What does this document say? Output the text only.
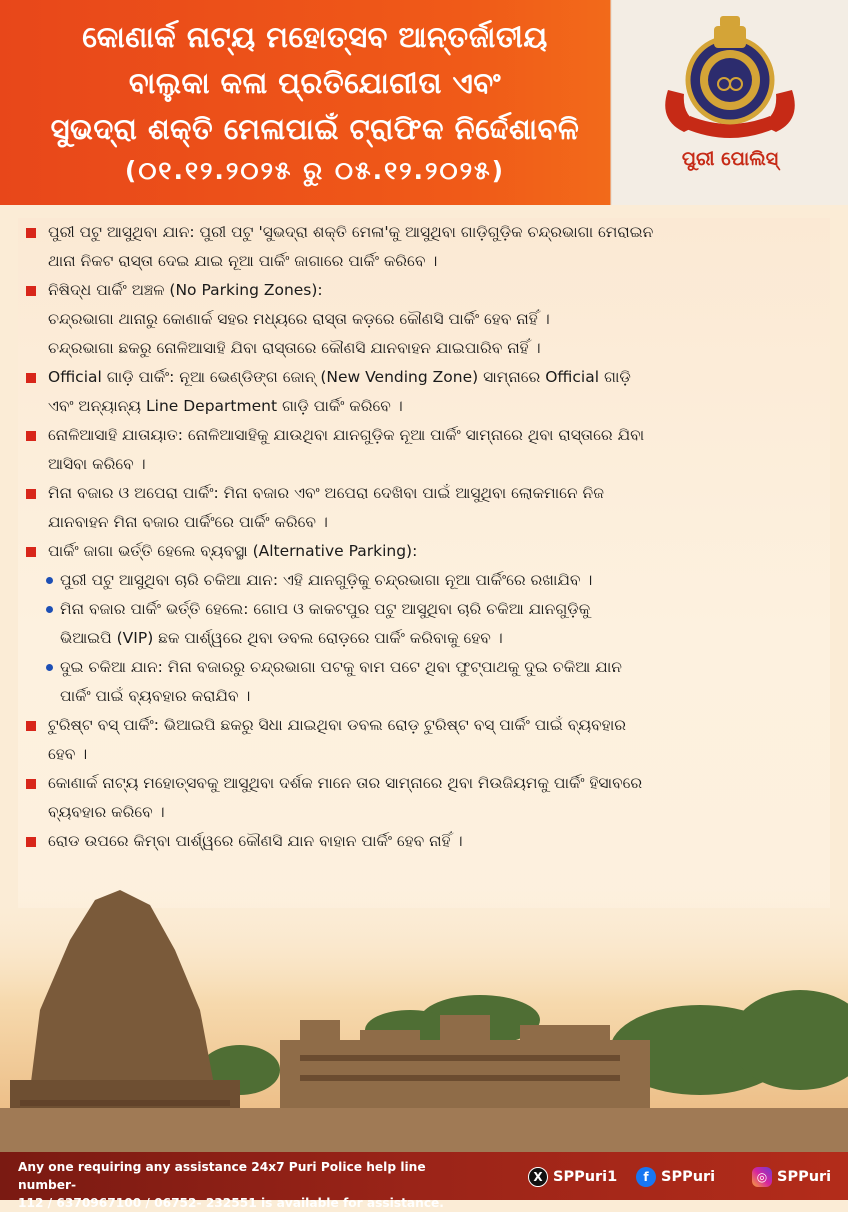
କୋଣାର୍କ ନାଟ୍ୟ ମହୋତ୍ସବ ଆନ୍ତର୍ଜାତୀୟ
ବାଲୁକା କଳା ପ୍ରତିଯୋଗୀତା ଏବଂ
ସୁଭଦ୍ରା ଶକ୍ତି ମେଳାପାଇଁ ଟ୍ରାଫିକ ନିର୍ଦ୍ଦେଶାବଳି
(୦୧.୧୨.୨୦୨୫ ରୁ ୦୫.୧୨.୨୦୨୫)	ପୁରୀ ପୋଲିସ୍
ପୁରୀ ପଟୁ ଆସୁଥିବା ଯାନ: ପୁରୀ ପଟୁ 'ସୁଭଦ୍ରା ଶକ୍ତି ମେଳା'କୁ ଆସୁଥିବା ଗାଡ଼ିଗୁଡ଼ିକ ଚନ୍ଦ୍ରଭାଗା ମେରାଇନ
ଥାନା ନିକଟ ରାସ୍ତା ଦେଇ ଯାଇ ନୂଆ ପାର୍କିଂ ଜାଗାରେ ପାର୍କିଂ କରିବେ ।
ନିଷିଦ୍ଧ ପାର୍କିଂ ଅଞ୍ଚଳ (No Parking Zones):
ଚନ୍ଦ୍ରଭାଗା ଥାନାରୁ କୋଣାର୍କ ସହର ମଧ୍ୟରେ ରାସ୍ତା କଡ଼ରେ କୌଣସି ପାର୍କିଂ ହେବ ନାହିଁ ।
ଚନ୍ଦ୍ରଭାଗା ଛକରୁ ନୋଳିଆସାହି ଯିବା ରାସ୍ତାରେ କୌଣସି ଯାନବାହନ ଯାଇପାରିବ ନାହିଁ ।
Official ଗାଡ଼ି ପାର୍କିଂ: ନୂଆ ଭେଣ୍ଡିଙ୍ଗ ଜୋନ୍ (New Vending Zone) ସାମ୍ନାରେ Official ଗାଡ଼ି
ଏବଂ ଅନ୍ୟାନ୍ୟ Line Department ଗାଡ଼ି ପାର୍କିଂ କରିବେ ।
ନୋଳିଆସାହି ଯାତାୟାତ: ନୋଳିଆସାହିକୁ ଯାଉଥିବା ଯାନଗୁଡ଼ିକ ନୂଆ ପାର୍କିଂ ସାମ୍ନାରେ ଥିବା ରାସ୍ତାରେ ଯିବା
ଆସିବା କରିବେ ।
ମିନା ବଜାର ଓ ଅପେରା ପାର୍କିଂ: ମିନା ବଜାର ଏବଂ ଅପେରା ଦେଖିବା ପାଇଁ ଆସୁଥିବା ଲୋକମାନେ ନିଜ
ଯାନବାହନ ମିନା ବଜାର ପାର୍କିଂରେ ପାର୍କିଂ କରିବେ ।
ପାର୍କିଂ ଜାଗା ଭର୍ତ୍ତି ହେଲେ ବ୍ୟବସ୍ଥା (Alternative Parking):
ପୁରୀ ପଟୁ ଆସୁଥିବା ଚାରି ଚକିଆ ଯାନ: ଏହି ଯାନଗୁଡ଼ିକୁ ଚନ୍ଦ୍ରଭାଗା ନୂଆ ପାର୍କିଂରେ ରଖାଯିବ ।
ମିନା ବଜାର ପାର୍କିଂ ଭର୍ତ୍ତି ହେଲେ: ଗୋପ ଓ କାକଟପୁର ପଟୁ ଆସୁଥିବା ଚାରି ଚକିଆ ଯାନଗୁଡ଼ିକୁ
ଭିଆଇପି (VIP) ଛକ ପାର୍ଶ୍ୱରେ ଥିବା ଡବଲ ରୋଡ଼ରେ ପାର୍କିଂ କରିବାକୁ ହେବ ।
ଦୁଇ ଚକିଆ ଯାନ: ମିନା ବଜାରରୁ ଚନ୍ଦ୍ରଭାଗା ପଟକୁ ବାମ ପଟେ ଥିବା ଫୁଟ୍‌ପାଥକୁ ଦୁଇ ଚକିଆ ଯାନ
ପାର୍କିଂ ପାଇଁ ବ୍ୟବହାର କରାଯିବ ।
ଟୁରିଷ୍ଟ ବସ୍ ପାର୍କିଂ: ଭିଆଇପି ଛକରୁ ସିଧା ଯାଇଥିବା ଡବଲ ରୋଡ଼ ଟୁରିଷ୍ଟ ବସ୍ ପାର୍କିଂ ପାଇଁ ବ୍ୟବହାର
ହେବ ।
କୋଣାର୍କ ନାଟ୍ୟ ମହୋତ୍ସବକୁ ଆସୁଥିବା ଦର୍ଶକ ମାନେ ତାର ସାମ୍ନାରେ ଥିବା ମିଉଜିୟମକୁ ପାର୍କିଂ ହିସାବରେ
ବ୍ୟବହାର କରିବେ ।
ରୋଡ ଉପରେ କିମ୍ବା ପାର୍ଶ୍ୱରେ କୌଣସି ଯାନ ବାହାନ ପାର୍କିଂ ହେବ ନାହିଁ ।
Any one requiring any assistance 24x7 Puri Police help line number-
112 / 6370967100 / 06752- 232551 is available for assistance.
X SPPuri1	f SPPuri	◎ SPPuri
